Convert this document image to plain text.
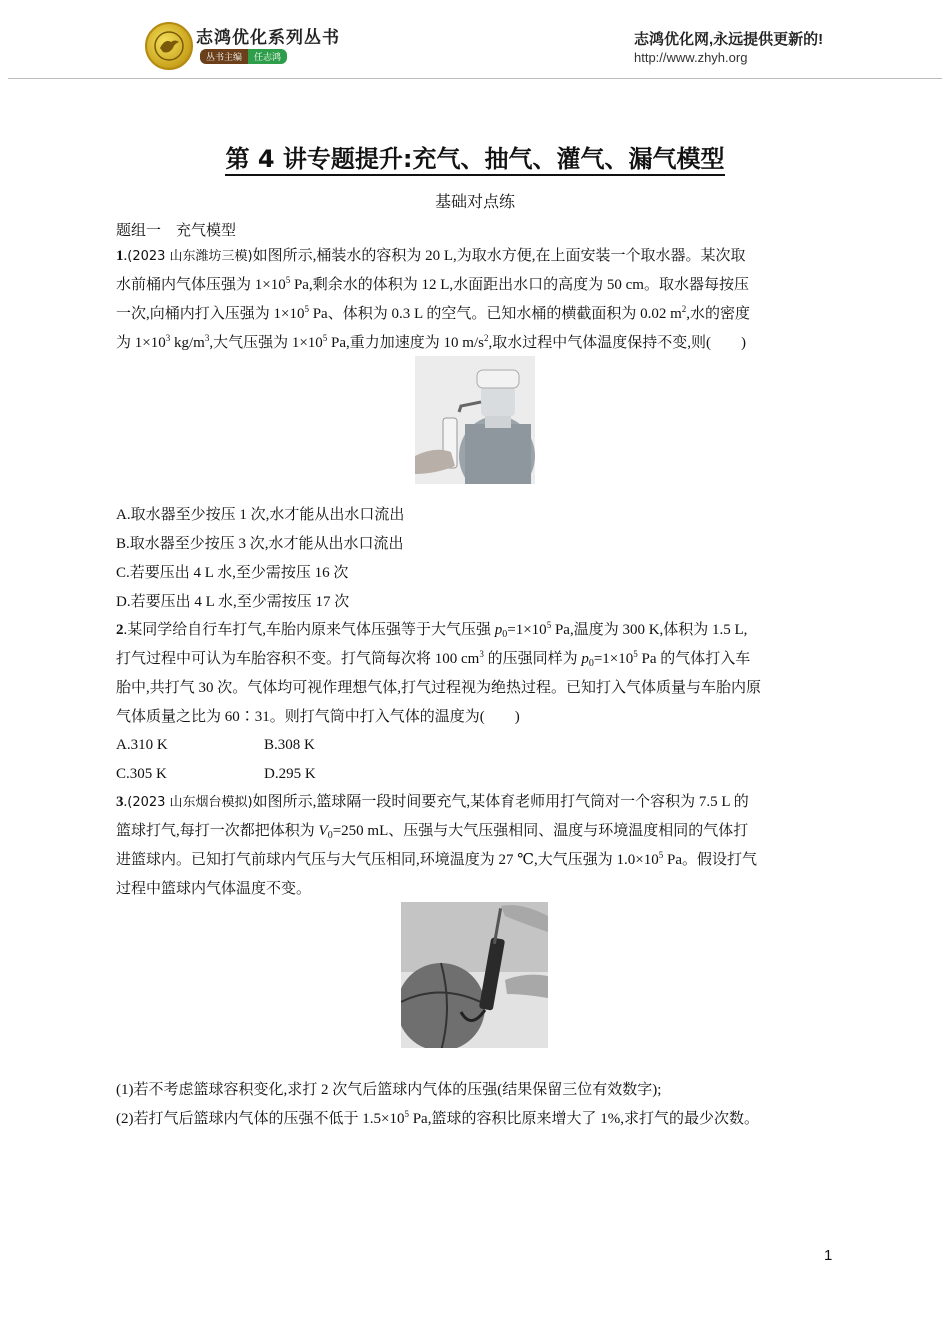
志鸿优化系列丛书
丛书主编 任志鸿
志鸿优化网,永远提供更新的!
http://www.zhyh.org
第 4 讲专题提升:充气、抽气、灌气、漏气模型
基础对点练
题组一　充气模型
1.(2023 山东潍坊三模)如图所示,桶装水的容积为 20 L,为取水方便,在上面安装一个取水器。某次取
水前桶内气体压强为 $1\times 10^5$ Pa,剩余水的体积为 12 L,水面距出水口的高度为 50 cm。取水器每按压
一次,向桶内打入压强为 $1\times 10^5$ Pa、体积为 0.3 L 的空气。已知水桶的横截面积为 0.02 $m^2$,水的密度
为 $1\times 10^3$ $kg/m^3$,大气压强为 $1\times 10^5$ Pa,重力加速度为 10 $m/s^2$,取水过程中气体温度保持不变,则(　　)
A.取水器至少按压 1 次,水才能从出水口流出
B.取水器至少按压 3 次,水才能从出水口流出
C.若要压出 4 L 水,至少需按压 16 次
D.若要压出 4 L 水,至少需按压 17 次
2.某同学给自行车打气,车胎内原来气体压强等于大气压强 $p_0=1\times 10^5$ Pa,温度为 300 K,体积为 1.5 L,
打气过程中可认为车胎容积不变。打气筒每次将 100 $cm^3$ 的压强同样为 $p_0=1\times 10^5$ Pa 的气体打入车
胎中,共打气 30 次。气体均可视作理想气体,打气过程视为绝热过程。已知打入气体质量与车胎内原
气体质量之比为 60∶31。则打气筒中打入气体的温度为(　　)
A.310 K	B.308 K
C.305 K	D.295 K
3.(2023 山东烟台模拟)如图所示,篮球隔一段时间要充气,某体育老师用打气筒对一个容积为 7.5 L 的
篮球打气,每打一次都把体积为 $V_0=250$ mL、压强与大气压强相同、温度与环境温度相同的气体打
进篮球内。已知打气前球内气压与大气压相同,环境温度为 27 ℃,大气压强为 $1.0\times 10^5$ Pa。假设打气
过程中篮球内气体温度不变。
(1)若不考虑篮球容积变化,求打 2 次气后篮球内气体的压强(结果保留三位有效数字);
(2)若打气后篮球内气体的压强不低于 $1.5\times 10^5$ Pa,篮球的容积比原来增大了 1%,求打气的最少次数。
1
